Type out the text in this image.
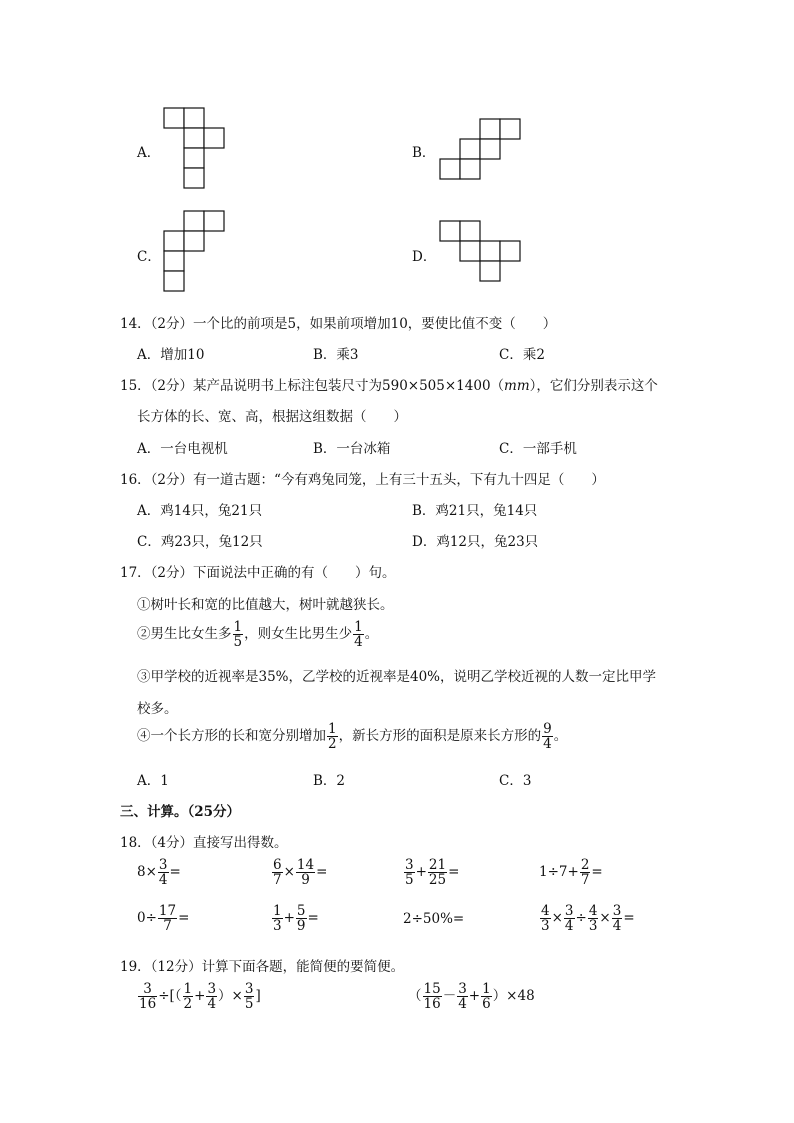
A．	B．
C．	D．
14．（2分）一个比的前项是5，如果前项增加10，要使比值不变（　　）
A．增加10	B．乘3	C．乘2
15．（2分）某产品说明书上标注包装尺寸为590×505×1400（mm），它们分别表示这个
长方体的长、宽、高，根据这组数据（　　）
A．一台电视机	B．一台冰箱	C．一部手机
16．（2分）有一道古题：“今有鸡兔同笼，上有三十五头，下有九十四足（　　）
A．鸡14只，兔21只	B．鸡21只，兔14只
C．鸡23只，兔12只	D．鸡12只，兔23只
17．（2分）下面说法中正确的有（　　）句。
①树叶长和宽的比值越大，树叶就越狭长。
②男生比女生多 $\frac{1}{5}$ ，则女生比男生少 $\frac{1}{4}$ 。
③甲学校的近视率是35%，乙学校的近视率是40%，说明乙学校近视的人数一定比甲学
校多。
④一个长方形的长和宽分别增加 $\frac{1}{2}$ ，新长方形的面积是原来长方形的 $\frac{9}{4}$ 。
A．1	B．2	C．3
三、计算。（25分）
18．（4分）直接写出得数。
$8\times \frac{3}{4}$ =	$\frac{6}{7} \times \frac{14}{9}$ =	$\frac{3}{5} + \frac{21}{25}$ =	$1\div 7+ \frac{2}{7}$ =
$0\div \frac{17}{7}$ =	$\frac{1}{3} + \frac{5}{9}$ =	2÷50%=	$\frac{4}{3} \times \frac{3}{4} \div \frac{4}{3} \times \frac{3}{4}$ =
19．（12分）计算下面各题，能简便的要简便。
$\frac{3}{16}$ ÷[（ $\frac{1}{2} + \frac{3}{4}$ ）× $\frac{3}{5}$ ]	（ $\frac{15}{16} - \frac{3}{4} + \frac{1}{6} )\times 48$
